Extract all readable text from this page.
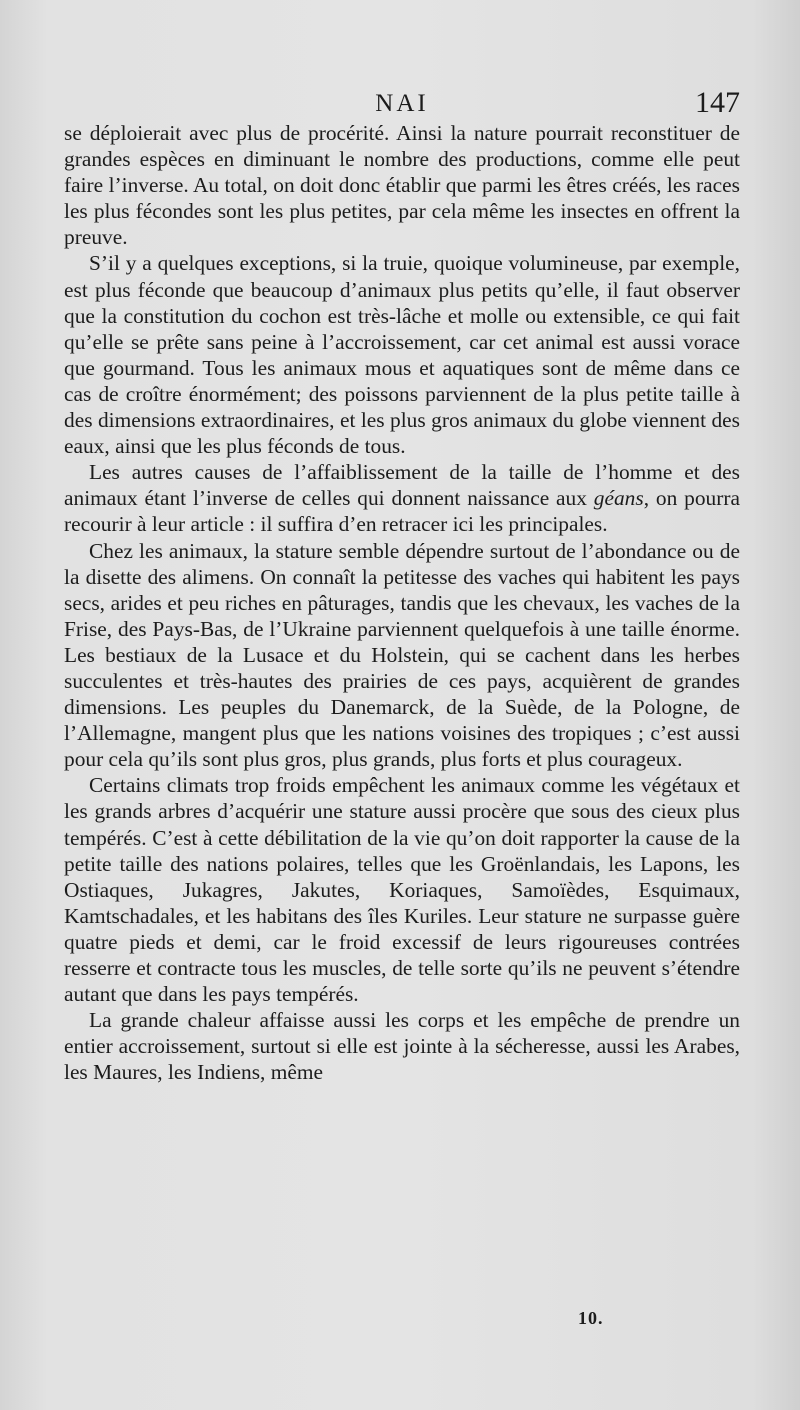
NAI	147

se déploierait avec plus de procérité. Ainsi la nature pourrait reconstituer de grandes espèces en diminuant le nombre des productions, comme elle peut faire l’inverse. Au total, on doit donc établir que parmi les êtres créés, les races les plus fécondes sont les plus petites, par cela même les insectes en offrent la preuve.

S’il y a quelques exceptions, si la truie, quoique volumineuse, par exemple, est plus féconde que beaucoup d’animaux plus petits qu’elle, il faut observer que la constitution du cochon est très-lâche et molle ou extensible, ce qui fait qu’elle se prête sans peine à l’accroissement, car cet animal est aussi vorace que gourmand. Tous les animaux mous et aquatiques sont de même dans ce cas de croître énormément; des poissons parviennent de la plus petite taille à des dimensions extraordinaires, et les plus gros animaux du globe viennent des eaux, ainsi que les plus féconds de tous.

Les autres causes de l’affaiblissement de la taille de l’homme et des animaux étant l’inverse de celles qui donnent naissance aux géans, on pourra recourir à leur article : il suffira d’en retracer ici les principales.

Chez les animaux, la stature semble dépendre surtout de l’abondance ou de la disette des alimens. On connaît la petitesse des vaches qui habitent les pays secs, arides et peu riches en pâturages, tandis que les chevaux, les vaches de la Frise, des Pays-Bas, de l’Ukraine parviennent quelquefois à une taille énorme. Les bestiaux de la Lusace et du Holstein, qui se cachent dans les herbes succulentes et très-hautes des prairies de ces pays, acquièrent de grandes dimensions. Les peuples du Danemarck, de la Suède, de la Pologne, de l’Allemagne, mangent plus que les nations voisines des tropiques ; c’est aussi pour cela qu’ils sont plus gros, plus grands, plus forts et plus courageux.

Certains climats trop froids empêchent les animaux comme les végétaux et les grands arbres d’acquérir une stature aussi procère que sous des cieux plus tempérés. C’est à cette débilitation de la vie qu’on doit rapporter la cause de la petite taille des nations polaires, telles que les Groënlandais, les Lapons, les Ostiaques, Jukagres, Jakutes, Koriaques, Samoïèdes, Esquimaux, Kamtschadales, et les habitans des îles Kuriles. Leur stature ne surpasse guère quatre pieds et demi, car le froid excessif de leurs rigoureuses contrées resserre et contracte tous les muscles, de telle sorte qu’ils ne peuvent s’étendre autant que dans les pays tempérés.

La grande chaleur affaisse aussi les corps et les empêche de prendre un entier accroissement, surtout si elle est jointe à la sécheresse, aussi les Arabes, les Maures, les Indiens, même

10.
